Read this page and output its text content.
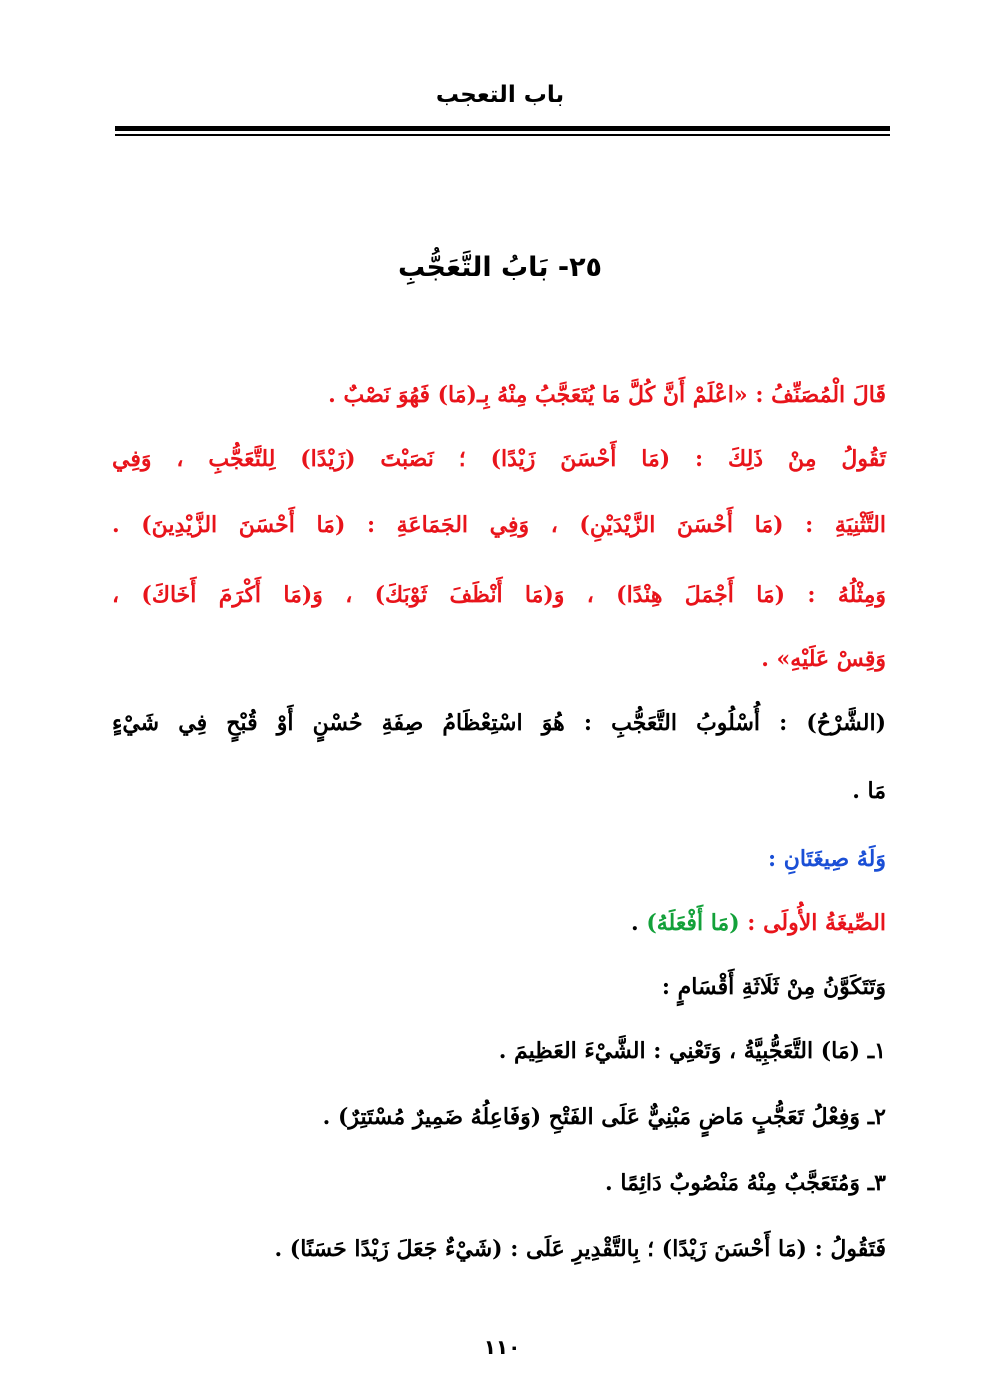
باب التعجب
٢٥- بَابُ التَّعَجُّبِ
قَالَ الْمُصَنِّفُ : «اعْلَمْ أَنَّ كُلَّ مَا يُتَعَجَّبُ مِنْهُ بِـ(مَا) فَهُوَ نَصْبٌ .
تَقُولُ مِنْ ذَلِكَ : (مَا أَحْسَنَ زَيْدًا) ؛ نَصَبْتَ (زَيْدًا) لِلتَّعَجُّبِ ، وَفِي
التَّثْنِيَةِ : (مَا أَحْسَنَ الزَّيْدَيْنِ) ، وَفِي الجَمَاعَةِ : (مَا أَحْسَنَ الزَّيْدِينَ) .
وَمِثْلُهُ : (مَا أَجْمَلَ هِنْدًا) ، وَ(مَا أَنْظَفَ ثَوْبَكَ) ، وَ(مَا أَكْرَمَ أَخَاكَ) ،
وَقِسْ عَلَيْهِ» .
(الشَّرْحُ) : أُسْلُوبُ التَّعَجُّبِ : هُوَ اسْتِعْظَامُ صِفَةِ حُسْنٍ أَوْ قُبْحٍ فِي شَيْءٍ
مَا .
وَلَهُ صِيغَتَانِ :
الصِّيغَةُ الأُولَى : (مَا أَفْعَلَهُ) .
وَتَتَكَوَّنُ مِنْ ثَلَاثَةِ أَقْسَامٍ :
١ـ (مَا) التَّعَجُّبِيَّةُ ، وَتَعْنِي : الشَّيْءَ العَظِيمَ .
٢ـ وَفِعْلُ تَعَجُّبٍ مَاضٍ مَبْنِيٌّ عَلَى الفَتْحِ (وَفَاعِلُهُ ضَمِيرٌ مُسْتَتِرٌ) .
٣ـ وَمُتَعَجَّبٌ مِنْهُ مَنْصُوبٌ دَائِمًا .
فَتَقُولُ : (مَا أَحْسَنَ زَيْدًا) ؛ بِالتَّقْدِيرِ عَلَى : (شَيْءٌ جَعَلَ زَيْدًا حَسَنًا) .
١١٠
